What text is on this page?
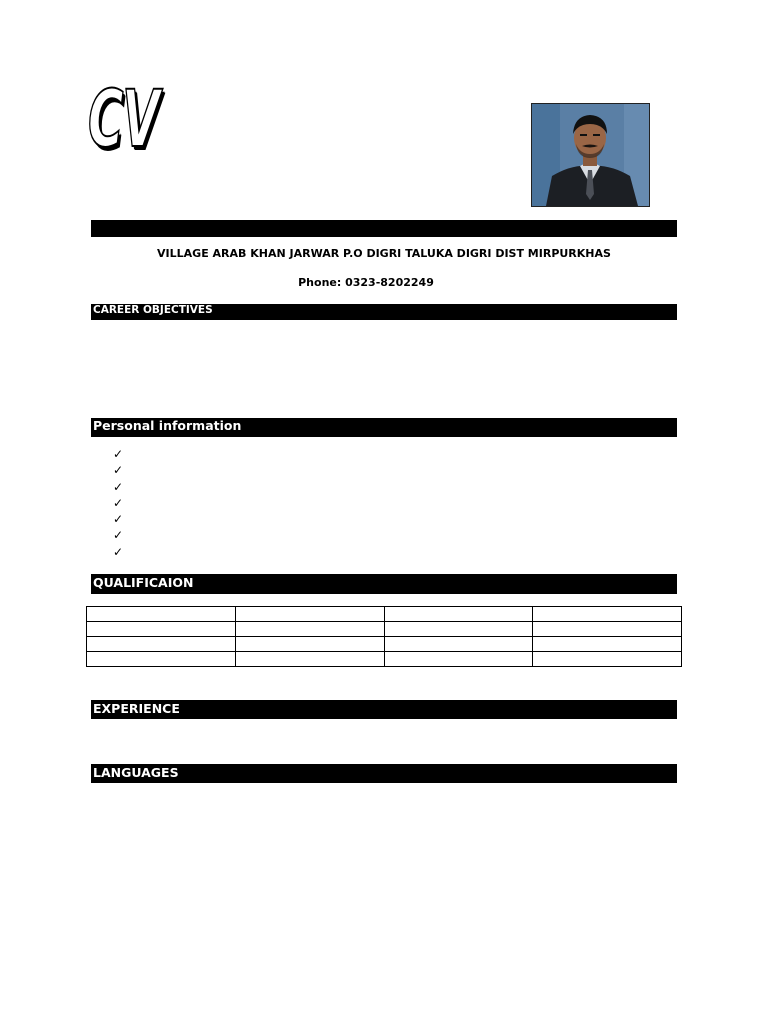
CV
VILLAGE ARAB KHAN JARWAR P.O DIGRI TALUKA DIGRI DIST MIRPURKHAS
Phone: 0323-8202249
CAREER OBJECTIVES
Personal information
✓
✓
✓
✓
✓
✓
✓
QUALIFICAION

EXPERIENCE
LANGUAGES
